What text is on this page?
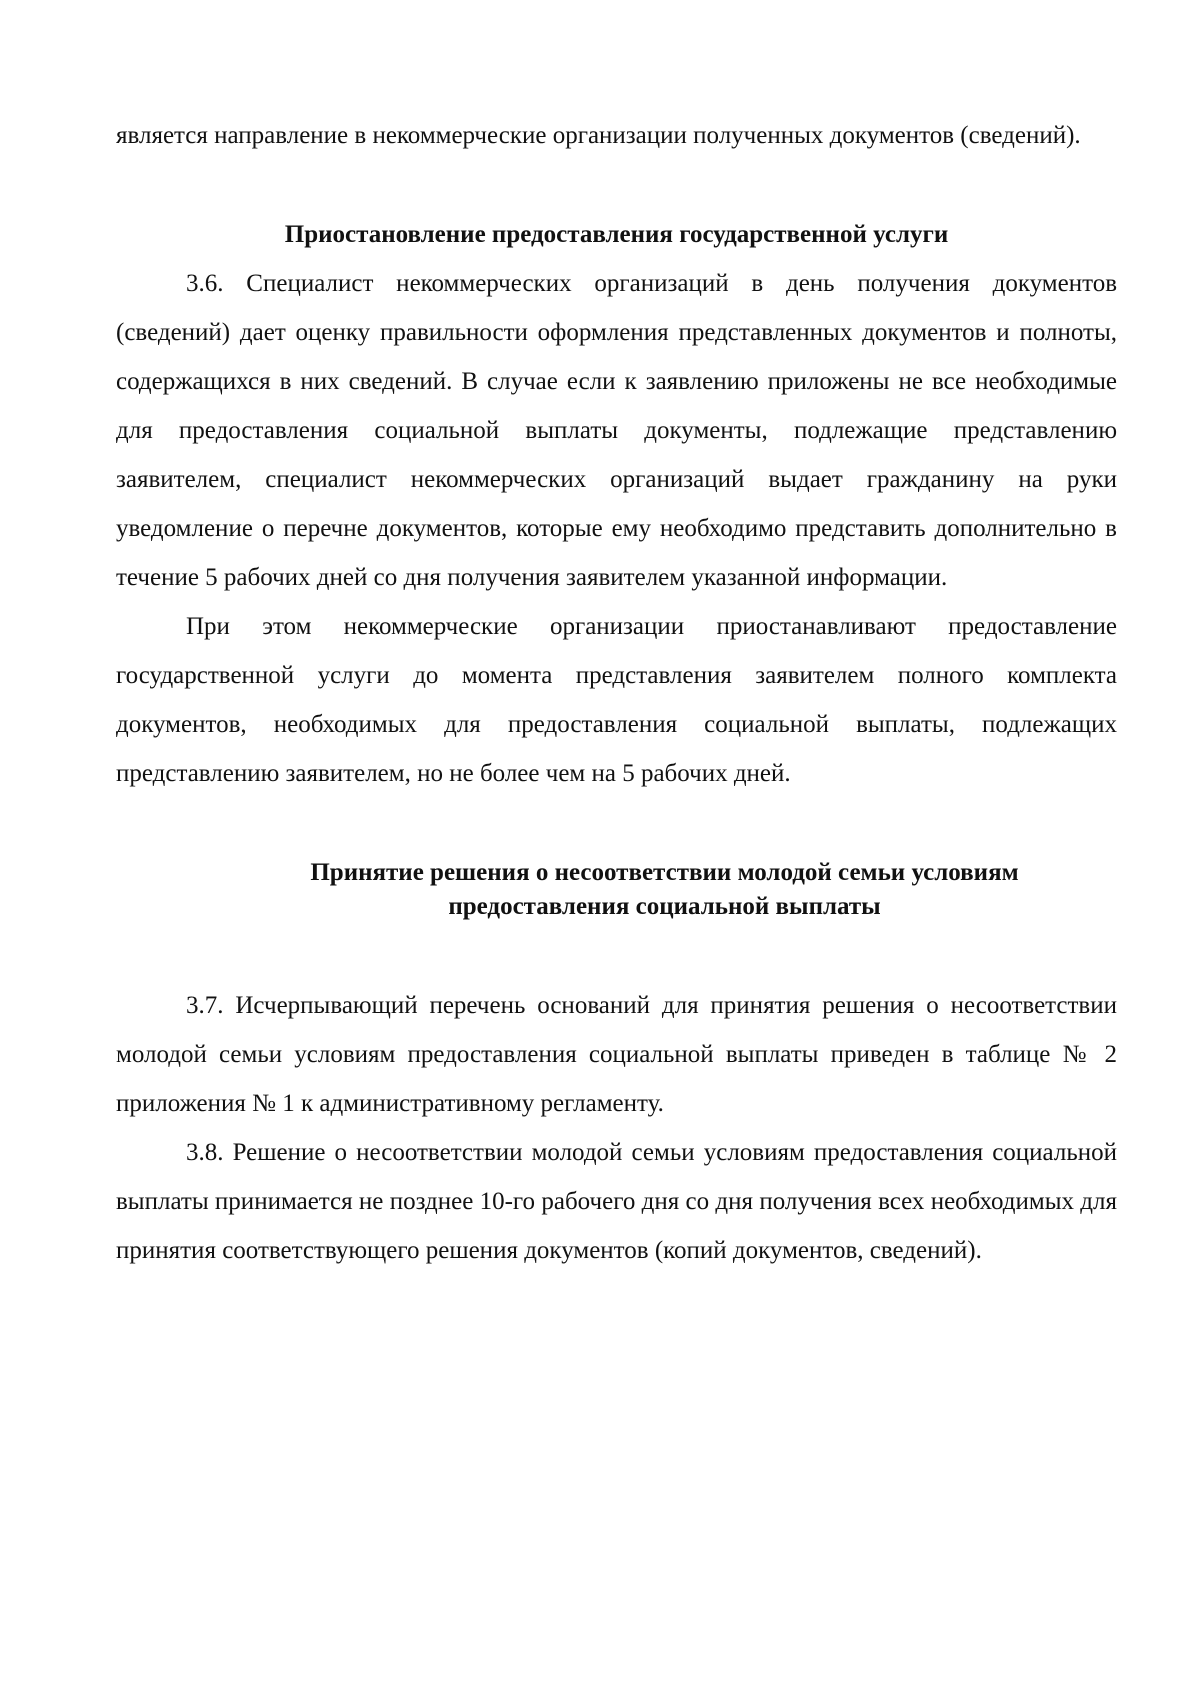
является направление в некоммерческие организации полученных документов (сведений).

Приостановление предоставления государственной услуги

3.6. Специалист некоммерческих организаций в день получения документов (сведений) дает оценку правильности оформления представленных документов и полноты, содержащихся в них сведений. В случае если к заявлению приложены не все необходимые для предоставления социальной выплаты документы, подлежащие представлению заявителем, специалист некоммерческих организаций выдает гражданину на руки уведомление о перечне документов, которые ему необходимо представить дополнительно в течение 5 рабочих дней со дня получения заявителем указанной информации.

При этом некоммерческие организации приостанавливают предоставление государственной услуги до момента представления заявителем полного комплекта документов, необходимых для предоставления социальной выплаты, подлежащих представлению заявителем, но не более чем на 5 рабочих дней.

Принятие решения о несоответствии молодой семьи условиям
предоставления социальной выплаты

3.7. Исчерпывающий перечень оснований для принятия решения о несоответствии молодой семьи условиям предоставления социальной выплаты приведен в таблице № 2 приложения № 1 к административному регламенту.

3.8. Решение о несоответствии молодой семьи условиям предоставления социальной выплаты принимается не позднее 10-го рабочего дня со дня получения всех необходимых для принятия соответствующего решения документов (копий документов, сведений).
